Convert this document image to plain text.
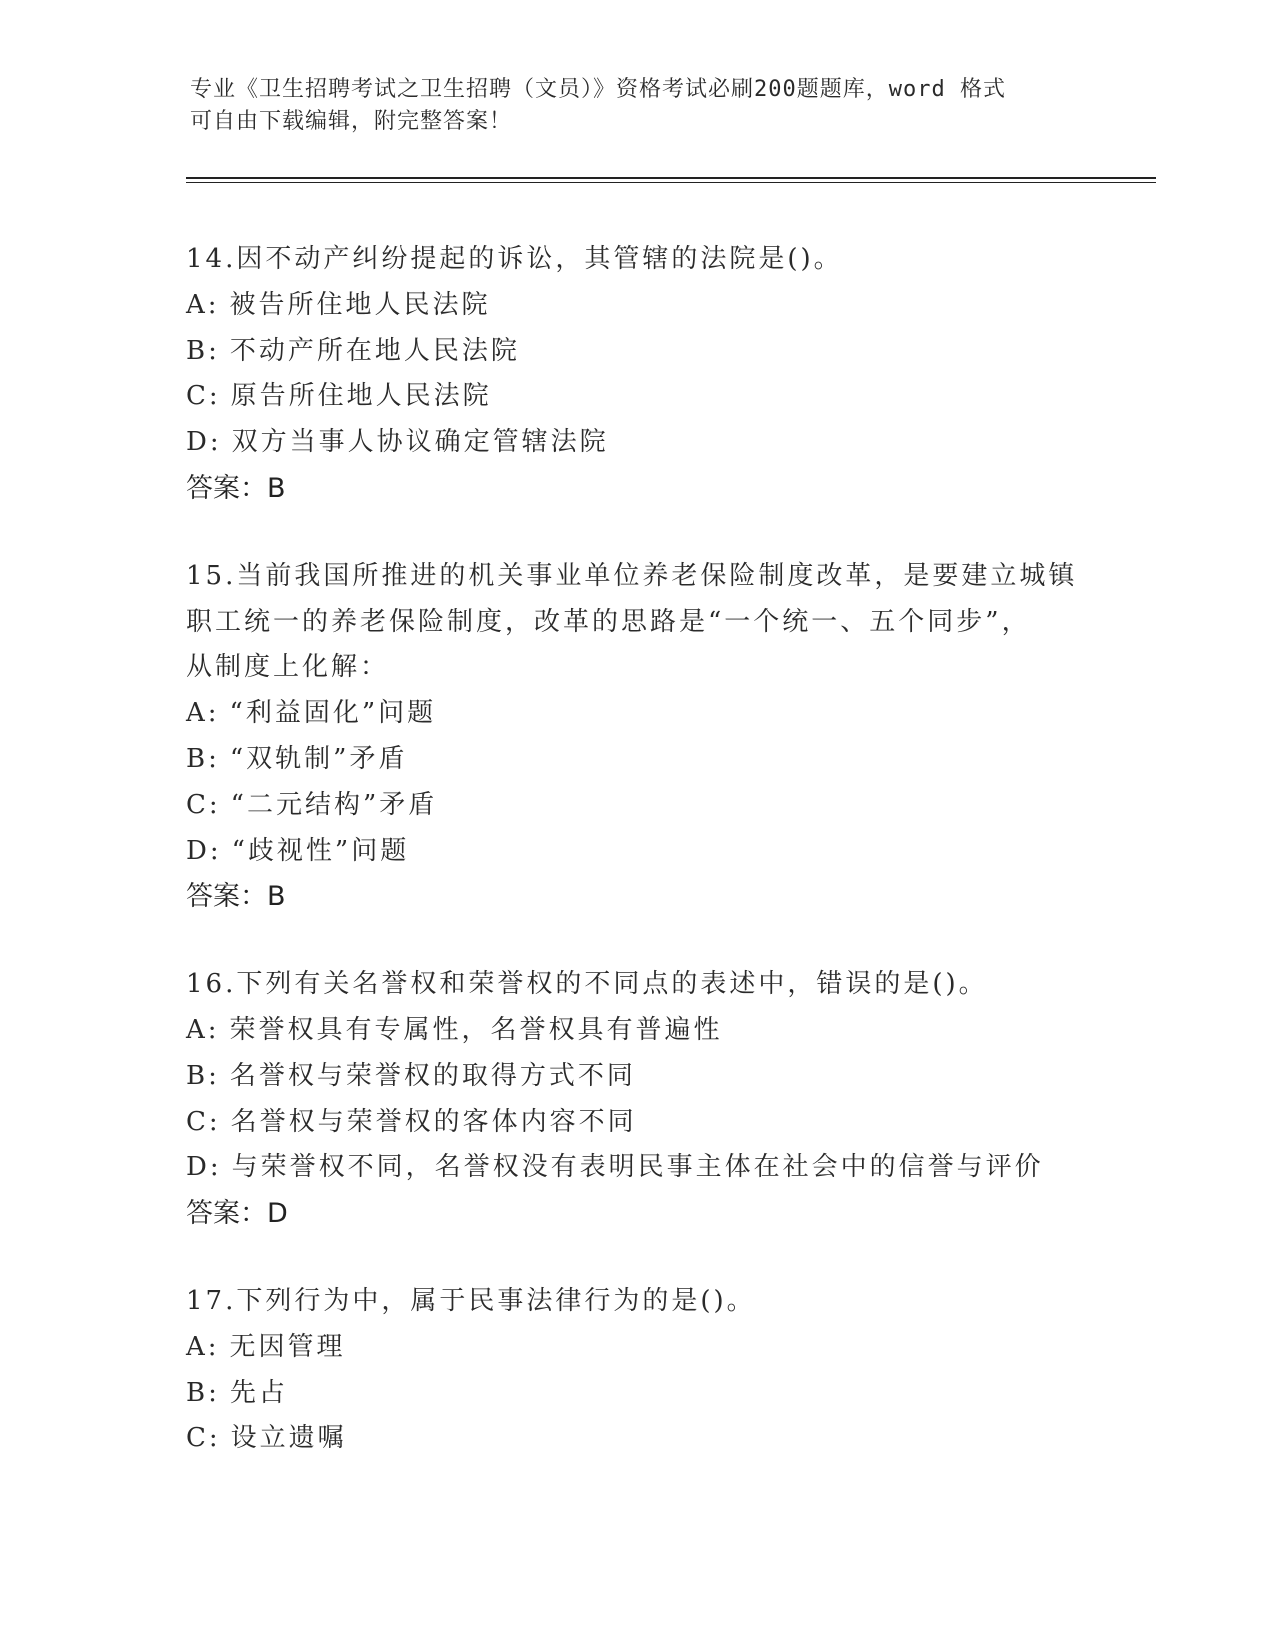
专业《卫生招聘考试之卫生招聘（文员）》资格考试必刷200题题库，word 格式
可自由下载编辑，附完整答案！
14.因不动产纠纷提起的诉讼，其管辖的法院是()。
A: 被告所住地人民法院
B: 不动产所在地人民法院
C: 原告所住地人民法院
D: 双方当事人协议确定管辖法院
答案：B
15.当前我国所推进的机关事业单位养老保险制度改革，是要建立城镇
职工统一的养老保险制度，改革的思路是“一个统一、五个同步”，
从制度上化解：
A: “利益固化”问题
B: “双轨制”矛盾
C: “二元结构”矛盾
D: “歧视性”问题
答案：B
16.下列有关名誉权和荣誉权的不同点的表述中，错误的是()。
A: 荣誉权具有专属性，名誉权具有普遍性
B: 名誉权与荣誉权的取得方式不同
C: 名誉权与荣誉权的客体内容不同
D: 与荣誉权不同，名誉权没有表明民事主体在社会中的信誉与评价
答案：D
17.下列行为中，属于民事法律行为的是()。
A: 无因管理
B: 先占
C: 设立遗嘱
